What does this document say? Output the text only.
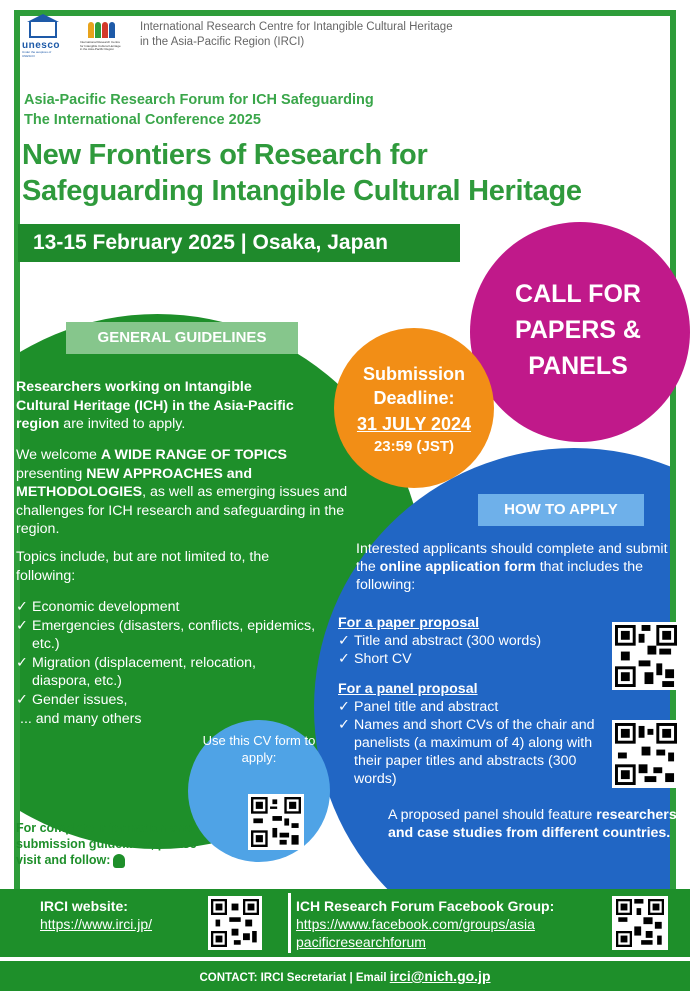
unesco
Under the auspices of UNESCO
International Research Centre for Intangible Cultural Heritage in the Asia-Pacific Region
International Research Centre for Intangible Cultural Heritage
in the Asia-Pacific Region (IRCI)
Asia-Pacific Research Forum for ICH Safeguarding
The International Conference 2025
New Frontiers of Research for
Safeguarding Intangible Cultural Heritage
13-15 February 2025 | Osaka, Japan
CALL FOR
PAPERS &
PANELS
Submission
Deadline:
31 JULY 2024
23:59 (JST)
GENERAL GUIDELINES
Researchers working on Intangible Cultural Heritage (ICH) in the Asia-Pacific region are invited to apply.
We welcome A WIDE RANGE OF TOPICS presenting NEW APPROACHES and METHODOLOGIES, as well as emerging issues and challenges for ICH research and safeguarding in the region.
Topics include, but are not limited to, the following:
✓ Economic development
✓ Emergencies (disasters, conflicts, epidemics, etc.)
✓ Migration (displacement, relocation, diaspora, etc.)
✓ Gender issues,
... and many others
Use this CV form to apply:
HOW TO APPLY
Interested applicants should complete and submit the online application form that includes the following:
For a paper proposal
✓ Title and abstract (300 words)
✓ Short CV
For a panel proposal
✓ Panel title and abstract
✓ Names and short CVs of the chair and panelists (a maximum of 4) along with their paper titles and abstracts (300 words)
A proposed panel should feature researchers and case studies from different countries.
For complete information and submission guidelines, please visit and follow:
IRCI website:
https://www.irci.jp/
ICH Research Forum Facebook Group:
https://www.facebook.com/groups/asia
pacificresearchforum
CONTACT: IRCI Secretariat | Email irci@nich.go.jp
